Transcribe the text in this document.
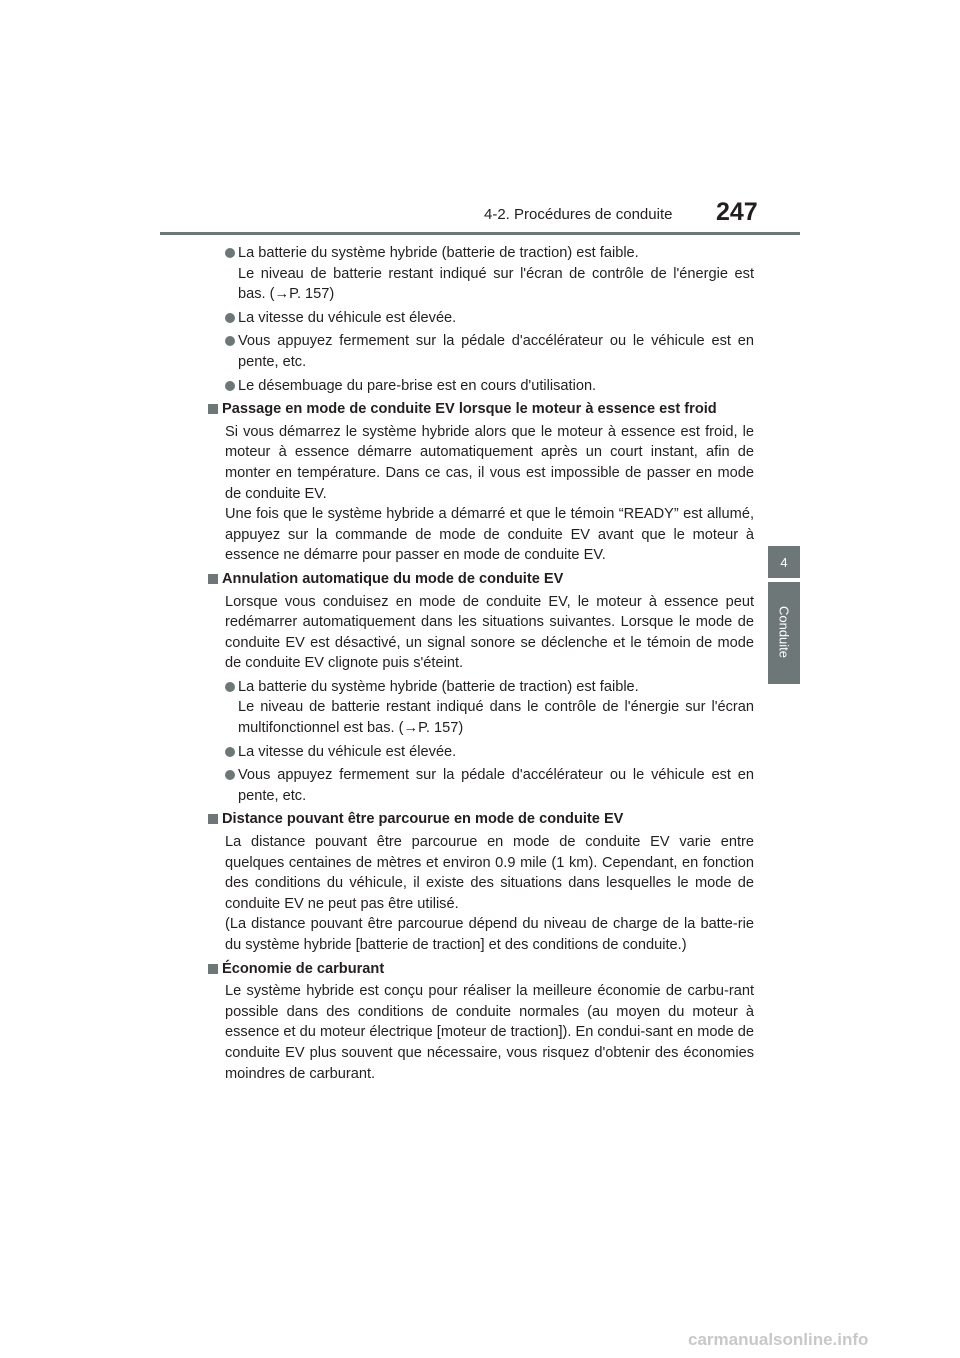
4-2. Procédures de conduite 247
4
Conduite

La batterie du système hybride (batterie de traction) est faible.

Le niveau de batterie restant indiqué sur l'écran de contrôle de l'énergie est bas. (→P. 157)

La vitesse du véhicule est élevée.

Vous appuyez fermement sur la pédale d'accélérateur ou le véhicule est en pente, etc.

Le désembuage du pare-brise est en cours d'utilisation.

Passage en mode de conduite EV lorsque le moteur à essence est froid

Si vous démarrez le système hybride alors que le moteur à essence est froid, le moteur à essence démarre automatiquement après un court instant, afin de monter en température. Dans ce cas, il vous est impossible de passer en mode de conduite EV.

Une fois que le système hybride a démarré et que le témoin “READY” est allumé, appuyez sur la commande de mode de conduite EV avant que le moteur à essence ne démarre pour passer en mode de conduite EV.

Annulation automatique du mode de conduite EV

Lorsque vous conduisez en mode de conduite EV, le moteur à essence peut redémarrer automatiquement dans les situations suivantes. Lorsque le mode de conduite EV est désactivé, un signal sonore se déclenche et le témoin de mode de conduite EV clignote puis s'éteint.

La batterie du système hybride (batterie de traction) est faible.

Le niveau de batterie restant indiqué dans le contrôle de l'énergie sur l'écran multifonctionnel est bas. (→P. 157)

La vitesse du véhicule est élevée.

Vous appuyez fermement sur la pédale d'accélérateur ou le véhicule est en pente, etc.

Distance pouvant être parcourue en mode de conduite EV

La distance pouvant être parcourue en mode de conduite EV varie entre quelques centaines de mètres et environ 0.9 mile (1 km). Cependant, en fonction des conditions du véhicule, il existe des situations dans lesquelles le mode de conduite EV ne peut pas être utilisé.

(La distance pouvant être parcourue dépend du niveau de charge de la batte-rie du système hybride [batterie de traction] et des conditions de conduite.)

Économie de carburant

Le système hybride est conçu pour réaliser la meilleure économie de carbu-rant possible dans des conditions de conduite normales (au moyen du moteur à essence et du moteur électrique [moteur de traction]). En condui-sant en mode de conduite EV plus souvent que nécessaire, vous risquez d'obtenir des économies moindres de carburant.

carmanualsonline.info
